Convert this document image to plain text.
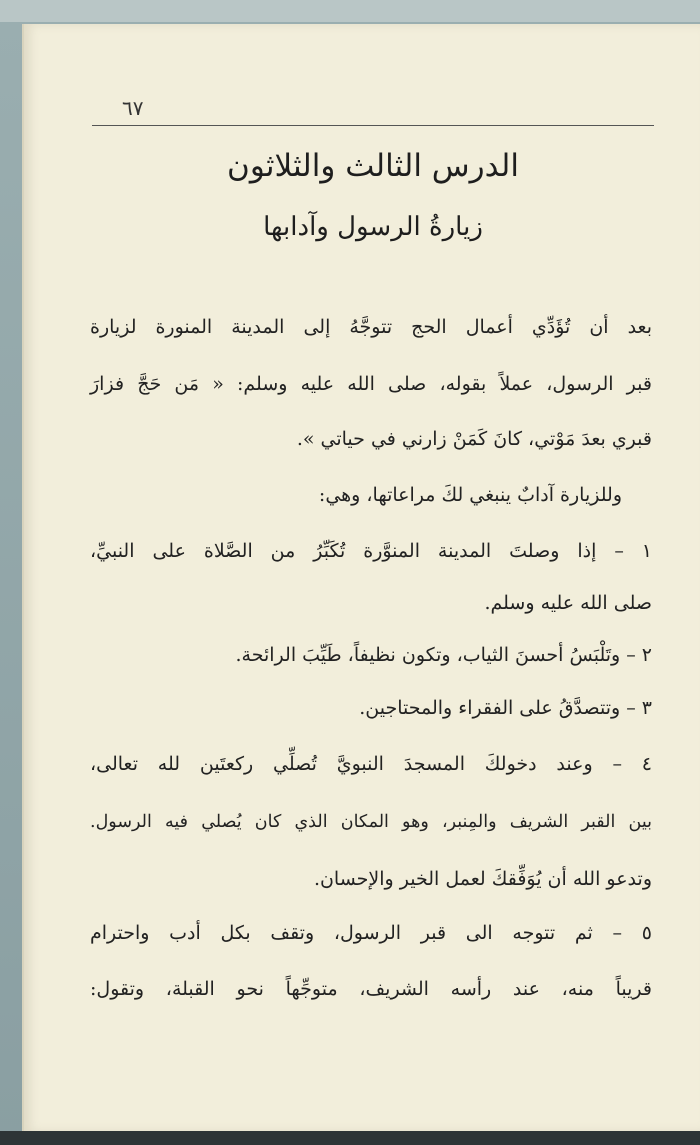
٦٧
الدرس الثالث والثلاثون
زيارةُ الرسول وآدابها
بعد أن تُؤَدِّي أعمال الحج تتوجَّهُ إلى المدينة المنورة لزيارة
قبر الرسول، عملاً بقوله، صلى الله عليه وسلم: « مَن حَجَّ فزارَ
قبري بعدَ مَوْتي، كانَ كَمَنْ زارني في حياتي ».
وللزيارة آدابٌ ينبغي لكَ مراعاتها، وهي:
١ – إذا وصلتَ المدينة المنوَّرة تُكَبِّرُ من الصَّلاة على النبيِّ،
صلى الله عليه وسلم.
٢ – وتَلْبَسُ أحسنَ الثياب، وتكون نظيفاً، طَيِّبَ الرائحة.
٣ – وتتصدَّقُ على الفقراء والمحتاجين.
٤ – وعند دخولكَ المسجدَ النبويَّ تُصلِّي ركعتَين لله تعالى،
بين القبر الشريف والمِنبر، وهو المكان الذي كان يُصلي فيه الرسول.
وتدعو الله أن يُوَفِّقكَ لعمل الخير والإحسان.
٥ – ثم تتوجه الى قبر الرسول، وتقف بكل أدب واحترام
قريباً منه، عند رأسه الشريف، متوجِّهاً نحو القبلة، وتقول:
